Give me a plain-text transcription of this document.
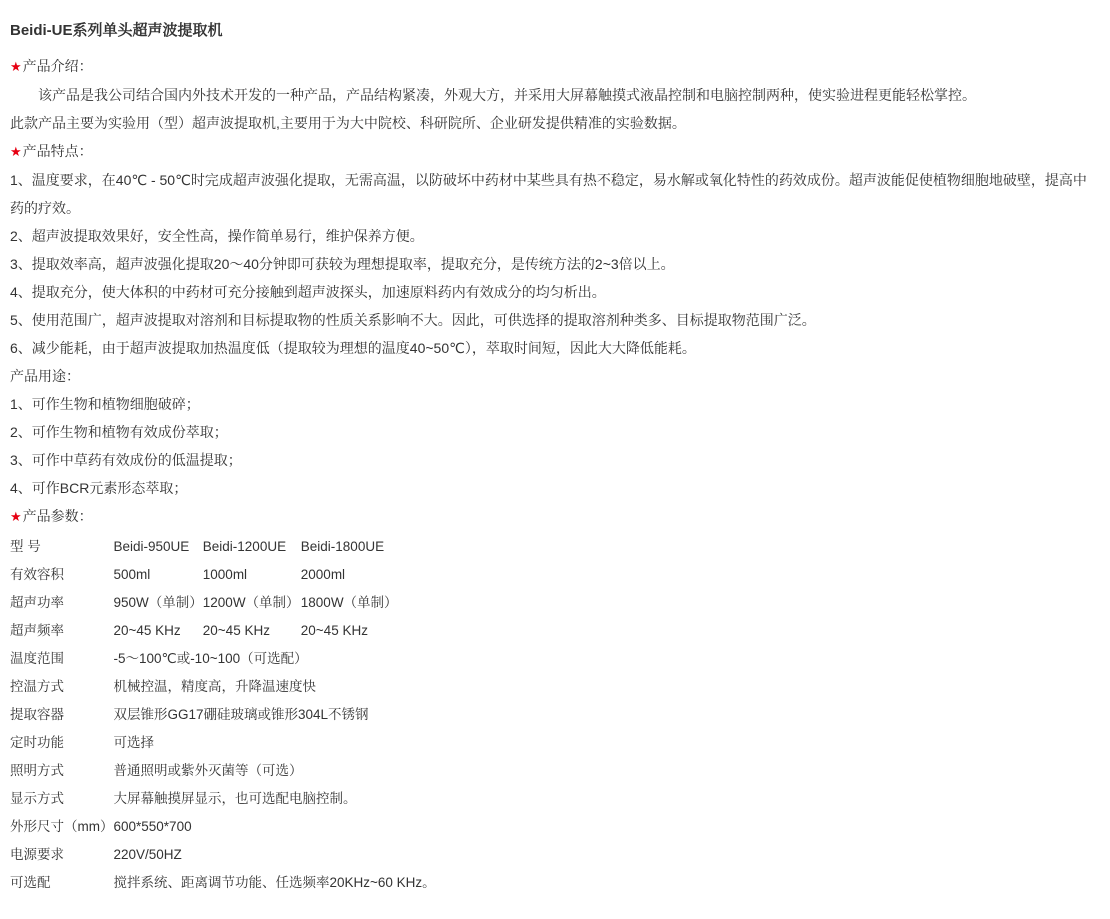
Beidi-UE系列单头超声波提取机

★产品介绍：

该产品是我公司结合国内外技术开发的一种产品，产品结构紧凑，外观大方，并采用大屏幕触摸式液晶控制和电脑控制两种，使实验进程更能轻松掌控。

此款产品主要为实验用（型）超声波提取机,主要用于为大中院校、科研院所、企业研发提供精准的实验数据。

★产品特点：

1、温度要求，在40℃ - 50℃时完成超声波强化提取，无需高温，以防破坏中药材中某些具有热不稳定，易水解或氧化特性的药效成份。超声波能促使植物细胞地破壁，提高中药的疗效。

2、超声波提取效果好，安全性高，操作简单易行，维护保养方便。

3、提取效率高，超声波强化提取20～40分钟即可获较为理想提取率，提取充分，是传统方法的2~3倍以上。

4、提取充分，使大体积的中药材可充分接触到超声波探头，加速原料药内有效成分的均匀析出。

5、使用范围广，超声波提取对溶剂和目标提取物的性质关系影响不大。因此，可供选择的提取溶剂种类多、目标提取物范围广泛。

6、减少能耗，由于超声波提取加热温度低（提取较为理想的温度40~50℃），萃取时间短，因此大大降低能耗。

产品用途：

1、可作生物和植物细胞破碎；

2、可作生物和植物有效成份萃取；

3、可作中草药有效成份的低温提取；

4、可作BCR元素形态萃取；

★产品参数：

型 号	Beidi-950UE	Beidi-1200UE	Beidi-1800UE
有效容积	500ml	1000ml	2000ml
超声功率	950W（单制）	1200W（单制）	1800W（单制）
超声频率	20~45 KHz	20~45 KHz	20~45 KHz
温度范围	-5～100℃或-10~100（可选配）		
控温方式	机械控温，精度高，升降温速度快		
提取容器	双层锥形GG17硼硅玻璃或锥形304L不锈钢		
定时功能	可选择		
照明方式	普通照明或紫外灭菌等（可选）		
显示方式	大屏幕触摸屏显示，也可选配电脑控制。		
外形尺寸（mm）	600*550*700		
电源要求	220V/50HZ		
可选配	搅拌系统、距离调节功能、任选频率20KHz~60 KHz。		
